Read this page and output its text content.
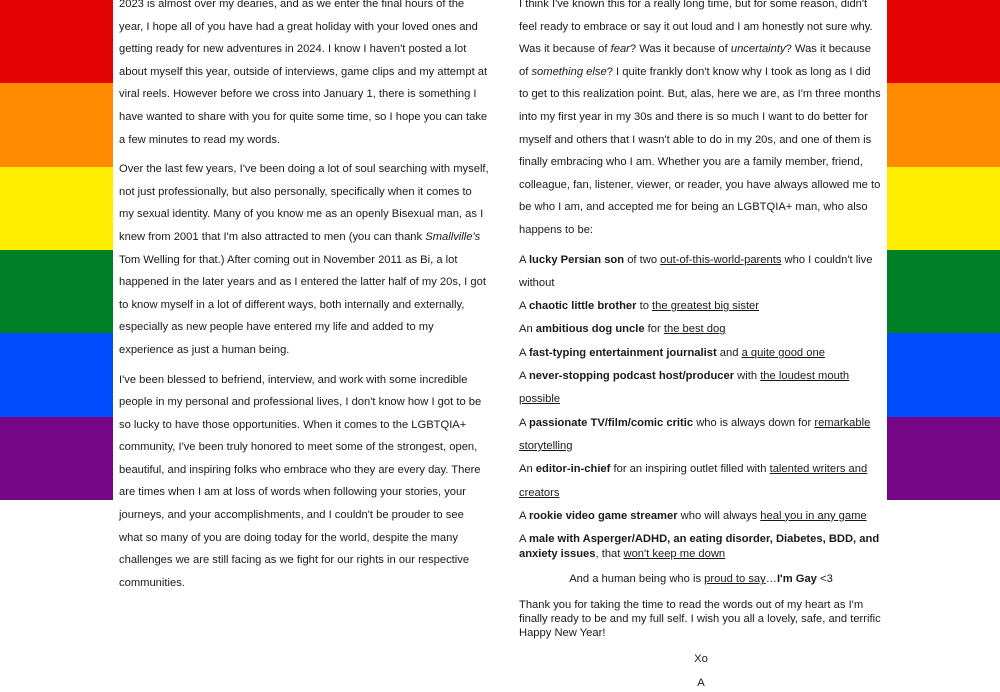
2023 is almost over my dearies, and as we enter the final hours of the year, I hope all of you have had a great holiday with your loved ones and getting ready for new adventures in 2024. I know I haven't posted a lot about myself this year, outside of interviews, game clips and my attempt at viral reels. However before we cross into January 1, there is something I have wanted to share with you for quite some time, so I hope you can take a few minutes to read my words.

Over the last few years, I've been doing a lot of soul searching with myself, not just professionally, but also personally, specifically when it comes to my sexual identity. Many of you know me as an openly Bisexual man, as I knew from 2001 that I'm also attracted to men (you can thank Smallville's Tom Welling for that.) After coming out in November 2011 as Bi, a lot happened in the later years and as I entered the latter half of my 20s, I got to know myself in a lot of different ways, both internally and externally, especially as new people have entered my life and added to my experience as just a human being.

I've been blessed to befriend, interview, and work with some incredible people in my personal and professional lives, I don't know how I got to be so lucky to have those opportunities. When it comes to the LGBTQIA+ community, I've been truly honored to meet some of the strongest, open, beautiful, and inspiring folks who embrace who they are every day. There are times when I am at loss of words when following your stories, your journeys, and your accomplishments, and I couldn't be prouder to see what so many of you are doing today for the world, despite the many challenges we are still facing as we fight for our rights in our respective communities.

I think I've known this for a really long time, but for some reason, didn't feel ready to embrace or say it out loud and I am honestly not sure why. Was it because of fear? Was it because of uncertainty? Was it because of something else? I quite frankly don't know why I took as long as I did to get to this realization point. But, alas, here we are, as I'm three months into my first year in my 30s and there is so much I want to do better for myself and others that I wasn't able to do in my 20s, and one of them is finally embracing who I am. Whether you are a family member, friend, colleague, fan, listener, viewer, or reader, you have always allowed me to be who I am, and accepted me for being an LGBTQIA+ man, who also happens to be:

A lucky Persian son of two out-of-this-world-parents who I couldn't live without
A chaotic little brother to the greatest big sister
An ambitious dog uncle for the best dog
A fast-typing entertainment journalist and a quite good one
A never-stopping podcast host/producer with the loudest mouth possible
A passionate TV/film/comic critic who is always down for remarkable storytelling
An editor-in-chief for an inspiring outlet filled with talented writers and creators
A rookie video game streamer who will always heal you in any game
A male with Asperger/ADHD, an eating disorder, Diabetes, BDD, and anxiety issues, that won't keep me down
And a human being who is proud to say…I'm Gay <3

Thank you for taking the time to read the words out of my heart as I'm finally ready to be and my full self. I wish you all a lovely, safe, and terrific Happy New Year!

Xo
A
